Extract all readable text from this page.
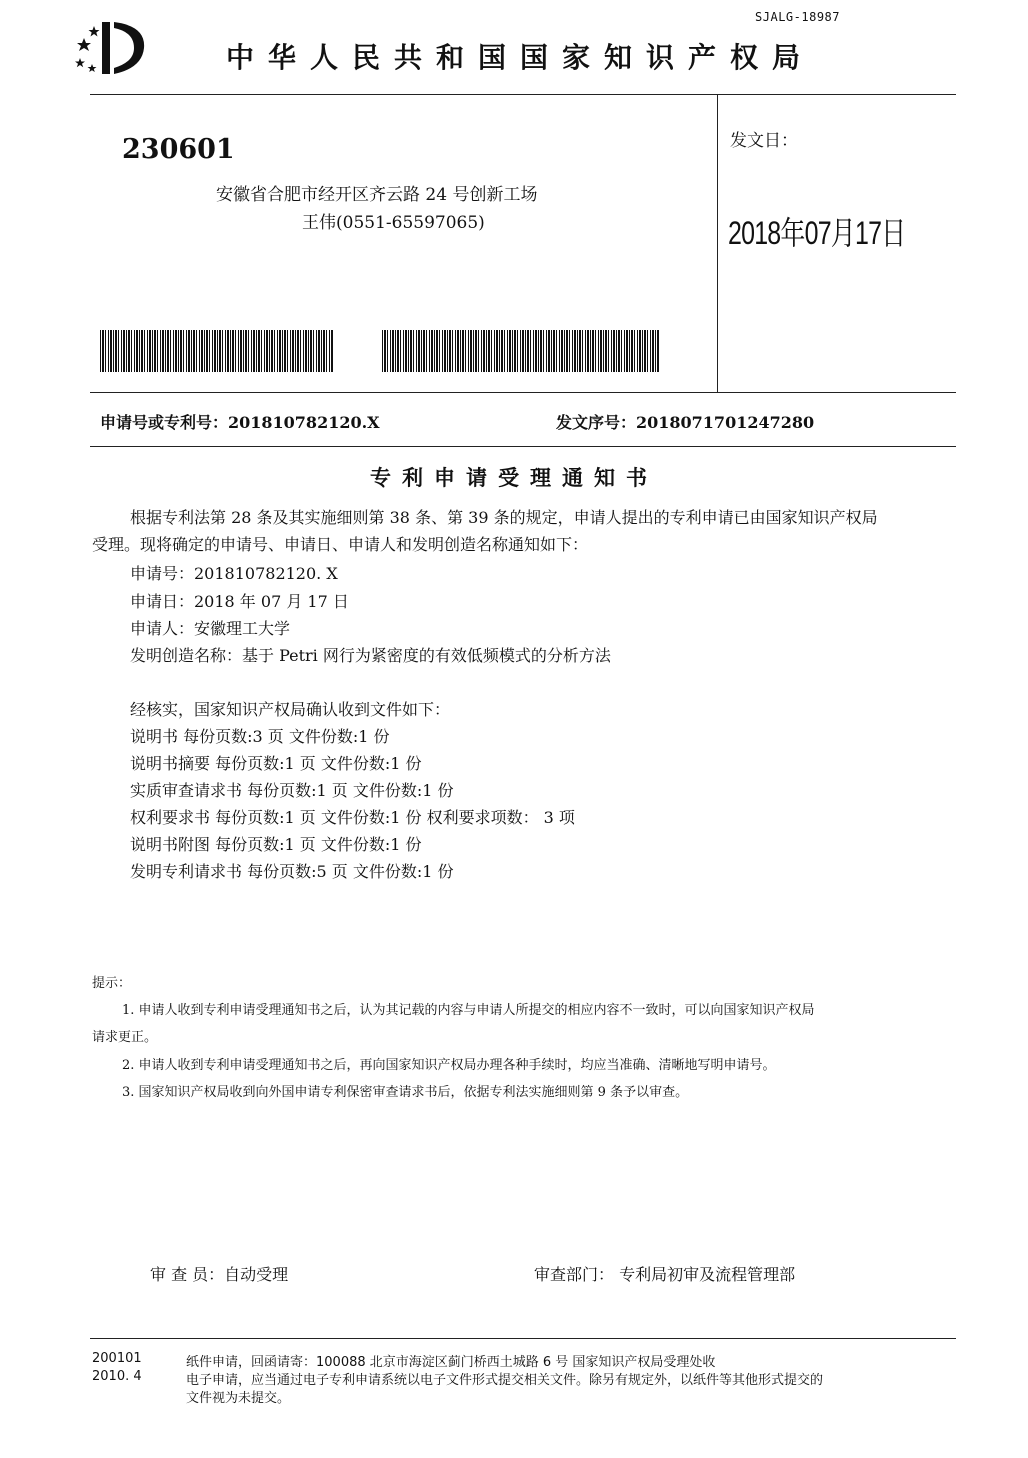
SJALG-18987
中华人民共和国国家知识产权局
230601
安徽省合肥市经开区齐云路 24 号创新工场
王伟(0551-65597065)
发文日：
2018年07月17日
申请号或专利号：201810782120.X	发文序号：2018071701247280
专利申请受理通知书
根据专利法第 28 条及其实施细则第 38 条、第 39 条的规定，申请人提出的专利申请已由国家知识产权局
受理。现将确定的申请号、申请日、申请人和发明创造名称通知如下：
申请号：201810782120. X
申请日：2018 年 07 月 17 日
申请人：安徽理工大学
发明创造名称：基于 Petri 网行为紧密度的有效低频模式的分析方法
经核实，国家知识产权局确认收到文件如下：
说明书 每份页数:3 页 文件份数:1 份
说明书摘要 每份页数:1 页 文件份数:1 份
实质审查请求书 每份页数:1 页 文件份数:1 份
权利要求书 每份页数:1 页 文件份数:1 份 权利要求项数： 3 项
说明书附图 每份页数:1 页 文件份数:1 份
发明专利请求书 每份页数:5 页 文件份数:1 份
提示：
1. 申请人收到专利申请受理通知书之后，认为其记载的内容与申请人所提交的相应内容不一致时，可以向国家知识产权局
请求更正。
2. 申请人收到专利申请受理通知书之后，再向国家知识产权局办理各种手续时，均应当准确、清晰地写明申请号。
3. 国家知识产权局收到向外国申请专利保密审查请求书后，依据专利法实施细则第 9 条予以审查。
审 查 员：自动受理	审查部门： 专利局初审及流程管理部
200101
2010. 4
纸件申请，回函请寄：100088 北京市海淀区蓟门桥西土城路 6 号 国家知识产权局受理处收
电子申请，应当通过电子专利申请系统以电子文件形式提交相关文件。除另有规定外，以纸件等其他形式提交的
文件视为未提交。
